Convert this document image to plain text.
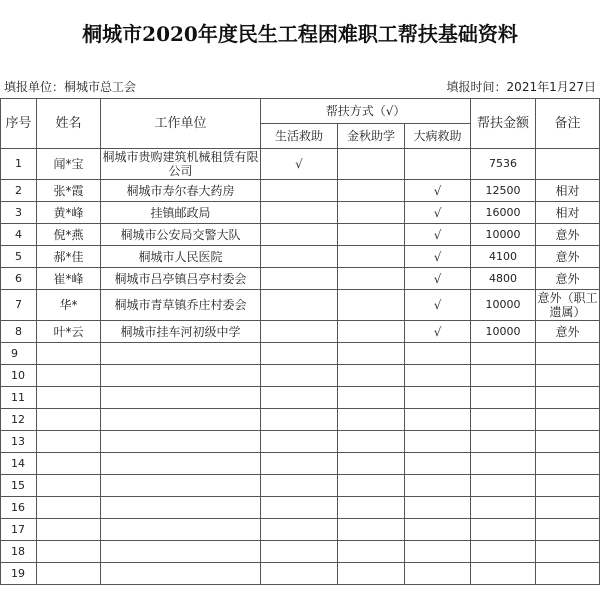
桐城市2020年度民生工程困难职工帮扶基础资料
填报单位：桐城市总工会	填报时间：2021年1月27日
序号	姓名	工作单位	帮扶方式（√）			帮扶金额	备注
			生活救助	金秋助学	大病救助		
1	闻*宝	桐城市贵购建筑机械租赁有限公司	√			7536	
2	张*霞	桐城市寿尔春大药房			√	12500	相对
3	黄*峰	挂镇邮政局			√	16000	相对
4	倪*燕	桐城市公安局交警大队			√	10000	意外
5	郝*佳	桐城市人民医院			√	4100	意外
6	崔*峰	桐城市吕亭镇吕亭村委会			√	4800	意外
7	华*	桐城市青草镇乔庄村委会			√	10000	意外（职工遗属）
8	叶*云	桐城市挂车河初级中学			√	10000	意外
9							
10							
11							
12							
13							
14							
15							
16							
17							
18							
19							
